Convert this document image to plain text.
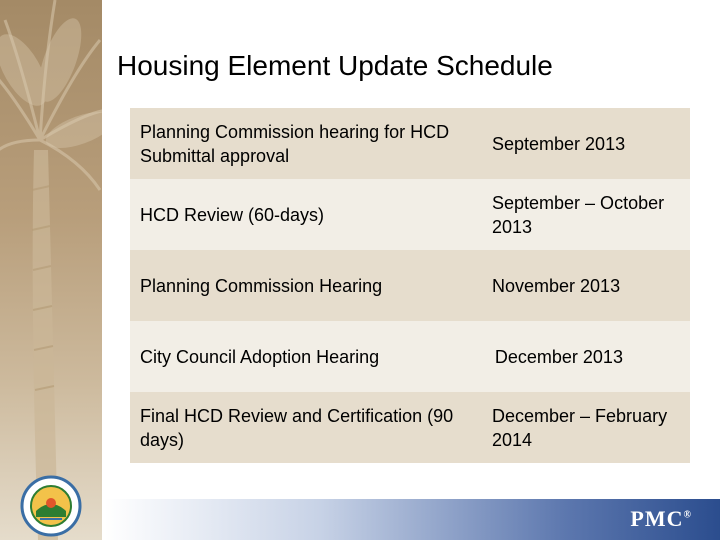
Housing Element Update Schedule
Planning Commission hearing for HCD Submittal approval
September 2013
HCD Review (60-days)
September – October 2013
Planning Commission Hearing	November 2013
City Council Adoption Hearing	December 2013
Final HCD Review and Certification (90 days)
December – February 2014
PMC®
